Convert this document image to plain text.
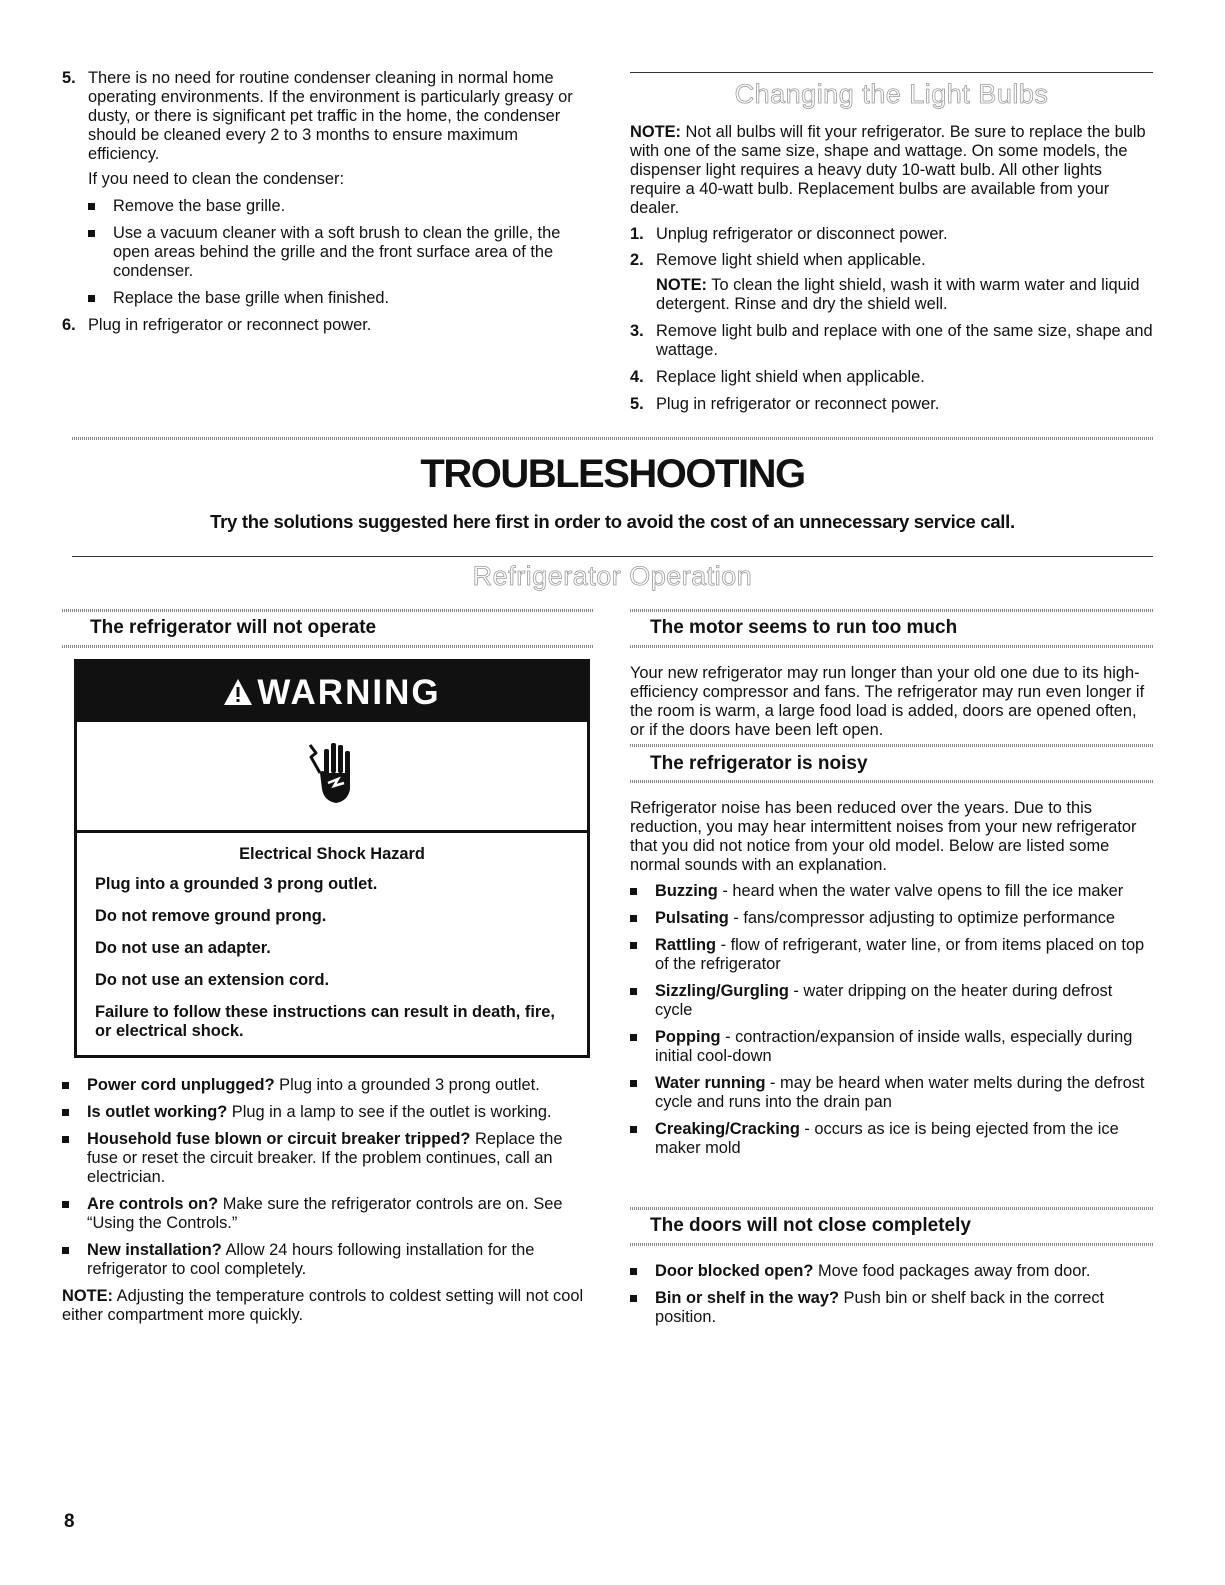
5. There is no need for routine condenser cleaning in normal home operating environments. If the environment is particularly greasy or dusty, or there is significant pet traffic in the home, the condenser should be cleaned every 2 to 3 months to ensure maximum efficiency.
If you need to clean the condenser:
Remove the base grille.
Use a vacuum cleaner with a soft brush to clean the grille, the open areas behind the grille and the front surface area of the condenser.
Replace the base grille when finished.
6. Plug in refrigerator or reconnect power.
Changing the Light Bulbs
NOTE: Not all bulbs will fit your refrigerator. Be sure to replace the bulb with one of the same size, shape and wattage. On some models, the dispenser light requires a heavy duty 10-watt bulb. All other lights require a 40-watt bulb. Replacement bulbs are available from your dealer.
1. Unplug refrigerator or disconnect power.
2. Remove light shield when applicable.
NOTE: To clean the light shield, wash it with warm water and liquid detergent. Rinse and dry the shield well.
3. Remove light bulb and replace with one of the same size, shape and wattage.
4. Replace light shield when applicable.
5. Plug in refrigerator or reconnect power.
TROUBLESHOOTING
Try the solutions suggested here first in order to avoid the cost of an unnecessary service call.
Refrigerator Operation
The refrigerator will not operate
WARNING
Electrical Shock Hazard

Plug into a grounded 3 prong outlet.

Do not remove ground prong.

Do not use an adapter.

Do not use an extension cord.

Failure to follow these instructions can result in death, fire, or electrical shock.

Power cord unplugged? Plug into a grounded 3 prong outlet.
Is outlet working? Plug in a lamp to see if the outlet is working.
Household fuse blown or circuit breaker tripped? Replace the fuse or reset the circuit breaker. If the problem continues, call an electrician.
Are controls on? Make sure the refrigerator controls are on. See “Using the Controls.”
New installation? Allow 24 hours following installation for the refrigerator to cool completely.
NOTE: Adjusting the temperature controls to coldest setting will not cool either compartment more quickly.
The motor seems to run too much
Your new refrigerator may run longer than your old one due to its high-efficiency compressor and fans. The refrigerator may run even longer if the room is warm, a large food load is added, doors are opened often, or if the doors have been left open.
The refrigerator is noisy
Refrigerator noise has been reduced over the years. Due to this reduction, you may hear intermittent noises from your new refrigerator that you did not notice from your old model. Below are listed some normal sounds with an explanation.
Buzzing - heard when the water valve opens to fill the ice maker
Pulsating - fans/compressor adjusting to optimize performance
Rattling - flow of refrigerant, water line, or from items placed on top of the refrigerator
Sizzling/Gurgling - water dripping on the heater during defrost cycle
Popping - contraction/expansion of inside walls, especially during initial cool-down
Water running - may be heard when water melts during the defrost cycle and runs into the drain pan
Creaking/Cracking - occurs as ice is being ejected from the ice maker mold
The doors will not close completely
Door blocked open? Move food packages away from door.
Bin or shelf in the way? Push bin or shelf back in the correct position.
8
